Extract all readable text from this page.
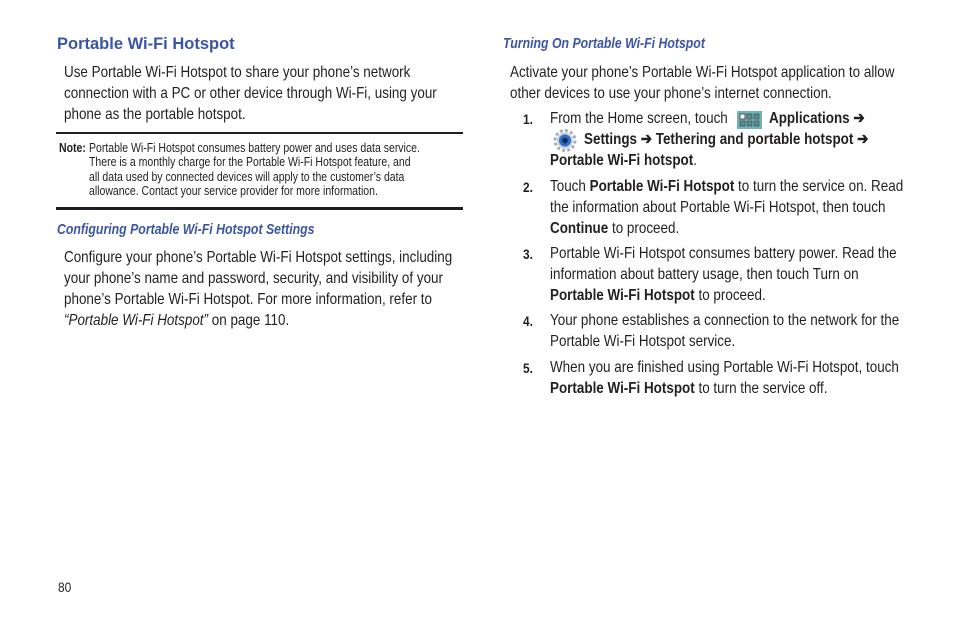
Portable Wi-Fi Hotspot
Use Portable Wi-Fi Hotspot to share your phone’s network
connection with a PC or other device through Wi-Fi, using your
phone as the portable hotspot.
Note: Portable Wi-Fi Hotspot consumes battery power and uses data service.
There is a monthly charge for the Portable Wi-Fi Hotspot feature, and
all data used by connected devices will apply to the customer’s data
allowance. Contact your service provider for more information.
Configuring Portable Wi-Fi Hotspot Settings
Configure your phone’s Portable Wi-Fi Hotspot settings, including
your phone’s name and password, security, and visibility of your
phone’s Portable Wi-Fi Hotspot. For more information, refer to
“Portable Wi-Fi Hotspot” on page 110.
Turning On Portable Wi-Fi Hotspot
Activate your phone’s Portable Wi-Fi Hotspot application to allow
other devices to use your phone’s internet connection.
1. From the Home screen, touch	Applications ➔
Settings ➔ Tethering and portable hotspot ➔
Portable Wi-Fi hotspot.
2. Touch Portable Wi-Fi Hotspot to turn the service on. Read
the information about Portable Wi-Fi Hotspot, then touch
Continue to proceed.
3. Portable Wi-Fi Hotspot consumes battery power. Read the
information about battery usage, then touch Turn on
Portable Wi-Fi Hotspot to proceed.
4. Your phone establishes a connection to the network for the
Portable Wi-Fi Hotspot service.
5. When you are finished using Portable Wi-Fi Hotspot, touch
Portable Wi-Fi Hotspot to turn the service off.
80
